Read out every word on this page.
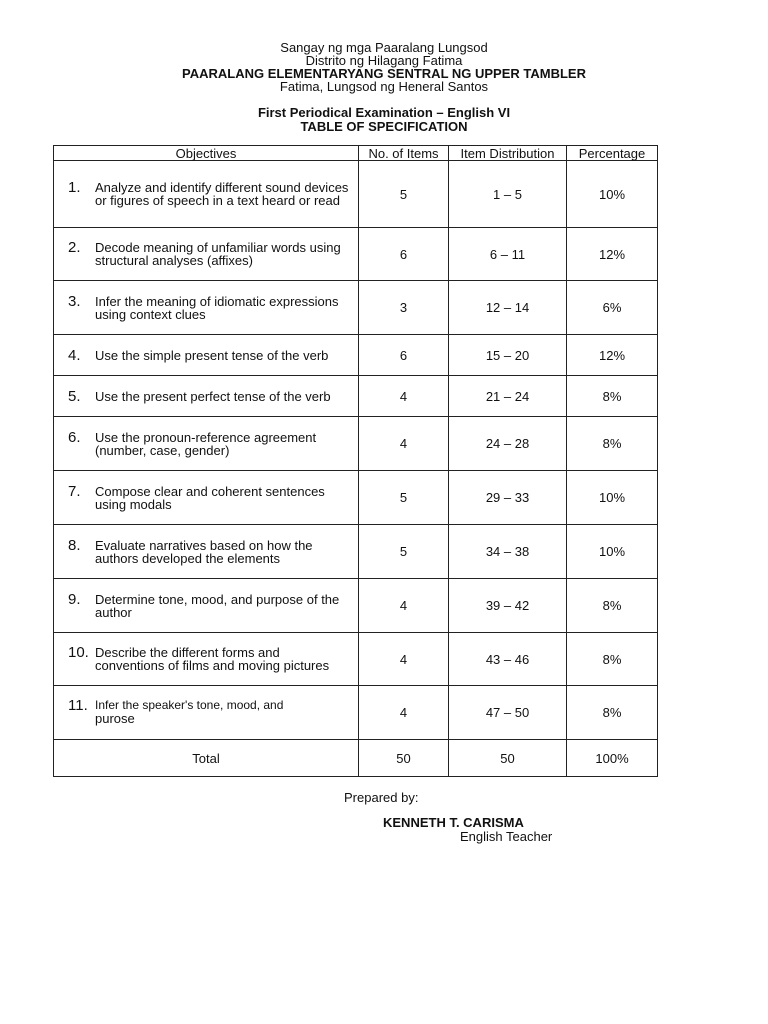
Sangay ng mga Paaralang Lungsod
Distrito ng Hilagang Fatima
PAARALANG ELEMENTARYANG SENTRAL NG UPPER TAMBLER
Fatima, Lungsod ng Heneral Santos
First Periodical Examination – English VI
TABLE OF SPECIFICATION
Objectives	No. of Items	Item Distribution	Percentage

1. Analyze and identify different sound devices or figures of speech in a text heard or read	5	1 – 5	10%

2. Decode meaning of unfamiliar words using structural analyses (affixes)	6	6 – 11	12%

3. Infer the meaning of idiomatic expressions using context clues	3	12 – 14	6%

4. Use the simple present tense of the verb	6	15 – 20	12%

5. Use the present perfect tense of the verb	4	21 – 24	8%

6. Use the pronoun-reference agreement (number, case, gender)	4	24 – 28	8%

7. Compose clear and coherent sentences using modals	5	29 – 33	10%

8. Evaluate narratives based on how the authors developed the elements	5	34 – 38	10%

9. Determine tone, mood, and purpose of the author	4	39 – 42	8%

10. Describe the different forms and conventions of films and moving pictures	4	43 – 46	8%

11. Infer the speaker's tone, mood, and
purose	4	47 – 50	8%
Total	50	50	100%
Prepared by:
KENNETH T. CARISMA
English Teacher
